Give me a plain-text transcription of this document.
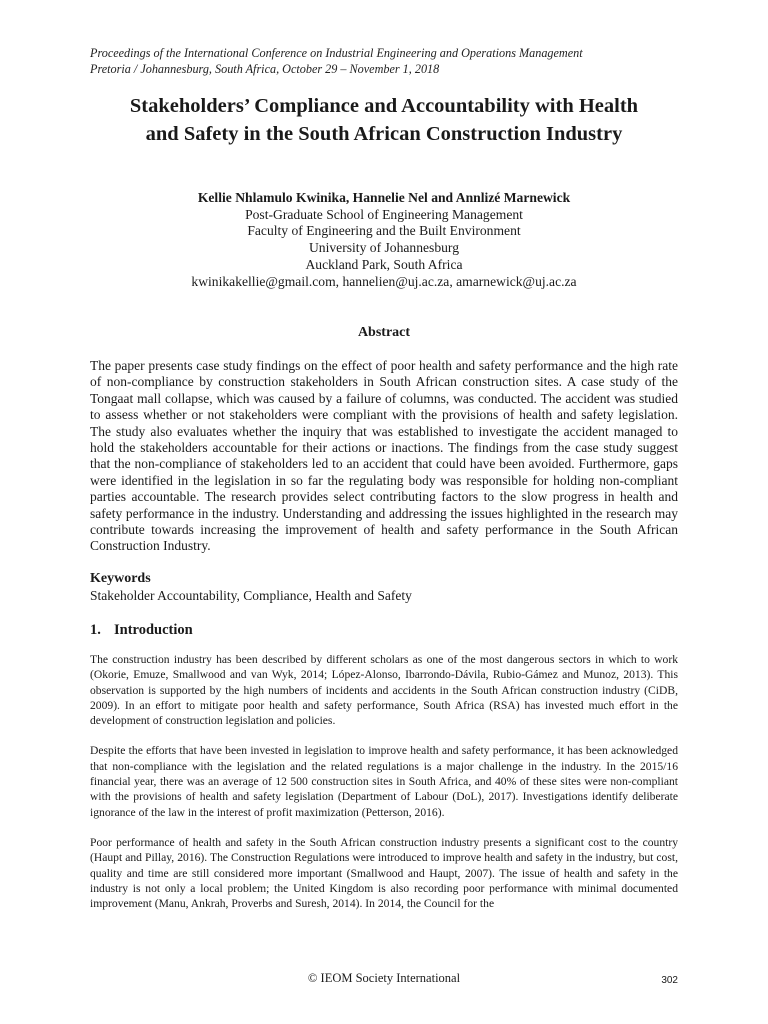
Proceedings of the International Conference on Industrial Engineering and Operations Management
Pretoria / Johannesburg, South Africa, October 29 – November 1, 2018
Stakeholders’ Compliance and Accountability with Health
and Safety in the South African Construction Industry
Kellie Nhlamulo Kwinika, Hannelie Nel and Annlizé Marnewick
Post-Graduate School of Engineering Management
Faculty of Engineering and the Built Environment
University of Johannesburg
Auckland Park, South Africa
kwinikakellie@gmail.com, hannelien@uj.ac.za, amarnewick@uj.ac.za
Abstract
The paper presents case study findings on the effect of poor health and safety performance and the high rate of non-compliance by construction stakeholders in South African construction sites. A case study of the Tongaat mall collapse, which was caused by a failure of columns, was conducted. The accident was studied to assess whether or not stakeholders were compliant with the provisions of health and safety legislation. The study also evaluates whether the inquiry that was established to investigate the accident managed to hold the stakeholders accountable for their actions or inactions. The findings from the case study suggest that the non-compliance of stakeholders led to an accident that could have been avoided. Furthermore, gaps were identified in the legislation in so far the regulating body was responsible for holding non-compliant parties accountable. The research provides select contributing factors to the slow progress in health and safety performance in the industry. Understanding and addressing the issues highlighted in the research may contribute towards increasing the improvement of health and safety performance in the South African Construction Industry.
Keywords
Stakeholder Accountability, Compliance, Health and Safety
1. Introduction

The construction industry has been described by different scholars as one of the most dangerous sectors in which to work (Okorie, Emuze, Smallwood and van Wyk, 2014; López-Alonso, Ibarrondo-Dávila, Rubio-Gámez and Munoz, 2013). This observation is supported by the high numbers of incidents and accidents in the South African construction industry (CiDB, 2009). In an effort to mitigate poor health and safety performance, South Africa (RSA) has invested much effort in the development of construction legislation and policies.

Despite the efforts that have been invested in legislation to improve health and safety performance, it has been acknowledged that non-compliance with the legislation and the related regulations is a major challenge in the industry. In the 2015/16 financial year, there was an average of 12 500 construction sites in South Africa, and 40% of these sites were non-compliant with the provisions of health and safety legislation (Department of Labour (DoL), 2017). Investigations identify deliberate ignorance of the law in the interest of profit maximization (Petterson, 2016).

Poor performance of health and safety in the South African construction industry presents a significant cost to the country (Haupt and Pillay, 2016). The Construction Regulations were introduced to improve health and safety in the industry, but cost, quality and time are still considered more important (Smallwood and Haupt, 2007). The issue of health and safety in the industry is not only a local problem; the United Kingdom is also recording poor performance with minimal documented improvement (Manu, Ankrah, Proverbs and Suresh, 2014). In 2014, the Council for the

© IEOM Society International	302
